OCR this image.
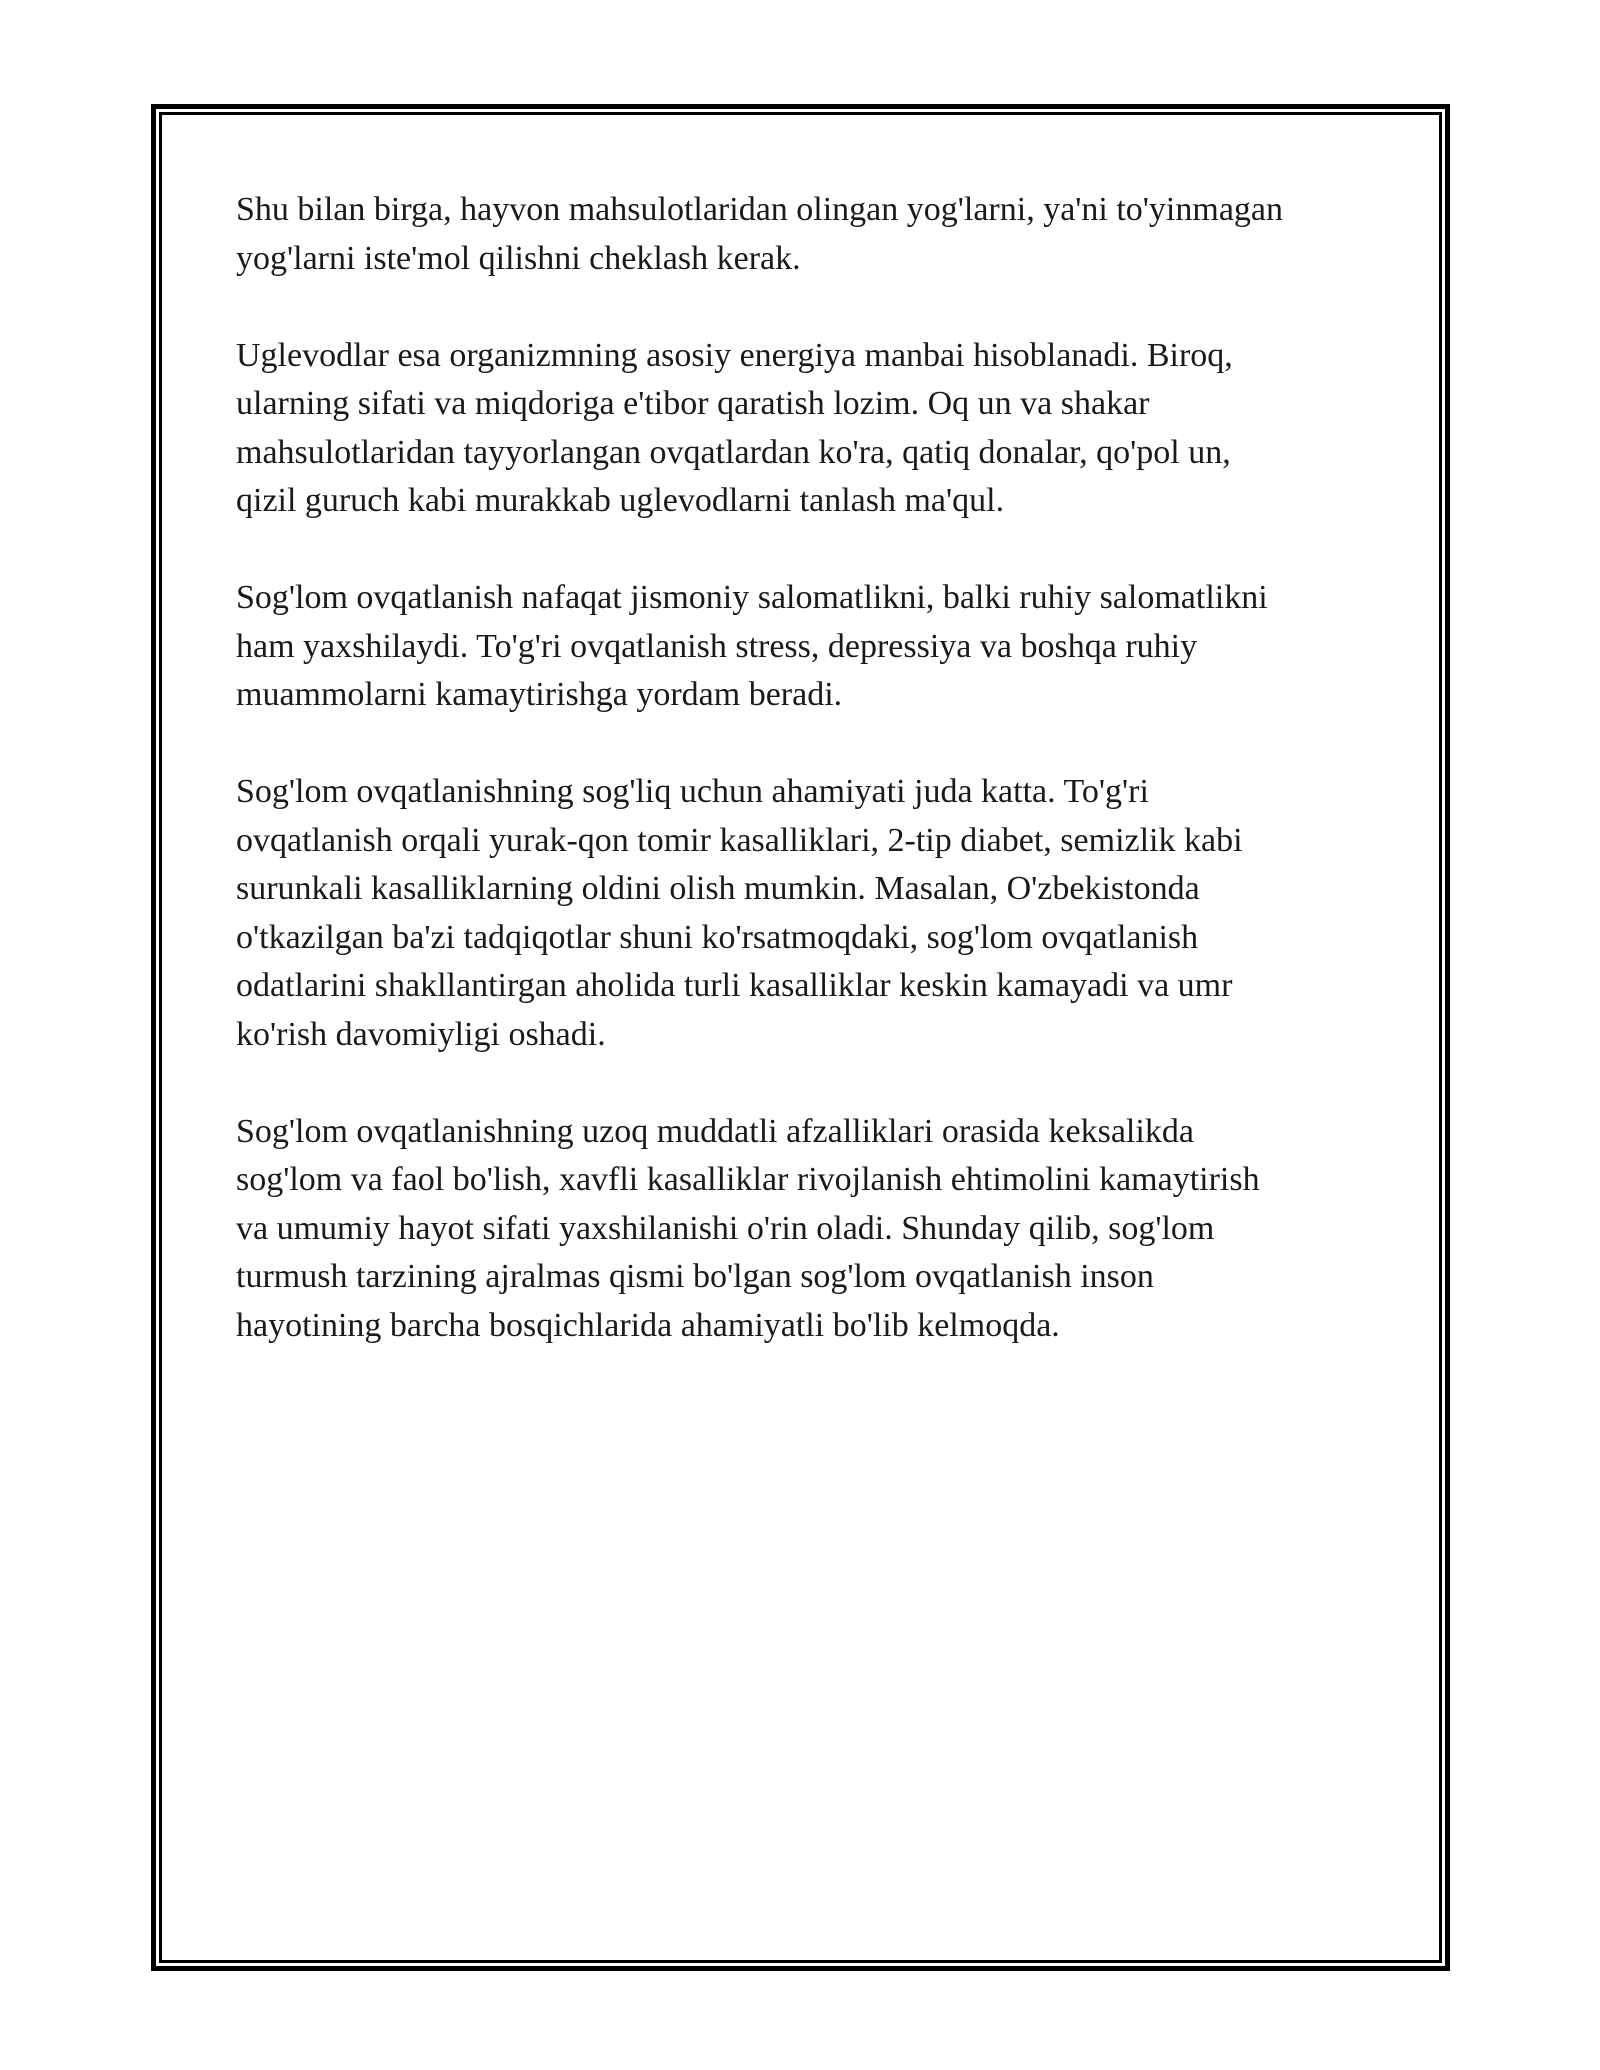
Shu bilan birga, hayvon mahsulotlaridan olingan yog'larni, ya'ni to'yinmagan
yog'larni iste'mol qilishni cheklash kerak.

Uglevodlar esa organizmning asosiy energiya manbai hisoblanadi. Biroq,
ularning sifati va miqdoriga e'tibor qaratish lozim. Oq un va shakar
mahsulotlaridan tayyorlangan ovqatlardan ko'ra, qatiq donalar, qo'pol un,
qizil guruch kabi murakkab uglevodlarni tanlash ma'qul.

Sog'lom ovqatlanish nafaqat jismoniy salomatlikni, balki ruhiy salomatlikni
ham yaxshilaydi. To'g'ri ovqatlanish stress, depressiya va boshqa ruhiy
muammolarni kamaytirishga yordam beradi.

Sog'lom ovqatlanishning sog'liq uchun ahamiyati juda katta. To'g'ri
ovqatlanish orqali yurak-qon tomir kasalliklari, 2-tip diabet, semizlik kabi
surunkali kasalliklarning oldini olish mumkin. Masalan, O'zbekistonda
o'tkazilgan ba'zi tadqiqotlar shuni ko'rsatmoqdaki, sog'lom ovqatlanish
odatlarini shakllantirgan aholida turli kasalliklar keskin kamayadi va umr
ko'rish davomiyligi oshadi.

Sog'lom ovqatlanishning uzoq muddatli afzalliklari orasida keksalikda
sog'lom va faol bo'lish, xavfli kasalliklar rivojlanish ehtimolini kamaytirish
va umumiy hayot sifati yaxshilanishi o'rin oladi. Shunday qilib, sog'lom
turmush tarzining ajralmas qismi bo'lgan sog'lom ovqatlanish inson
hayotining barcha bosqichlarida ahamiyatli bo'lib kelmoqda.
